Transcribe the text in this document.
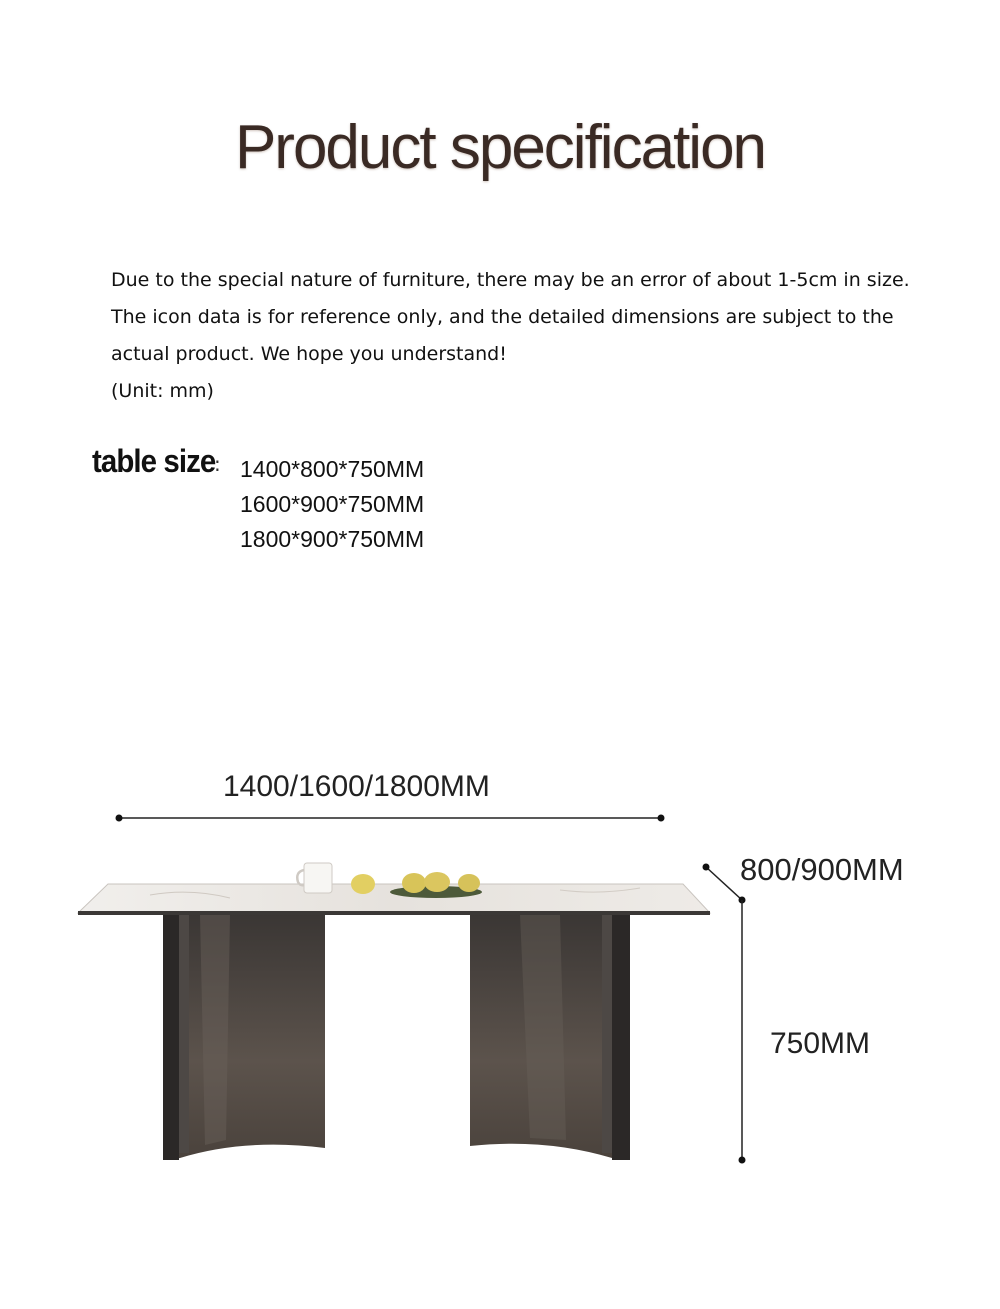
Product specification
Due to the special nature of furniture, there may be an error of about 1-5cm in size.
The icon data is for reference only, and the detailed dimensions are subject to the
actual product. We hope you understand!
(Unit: mm)
table size
: 1400*800*750MM
1600*900*750MM
1800*900*750MM
1400/1600/1800MM
800/900MM
750MM
